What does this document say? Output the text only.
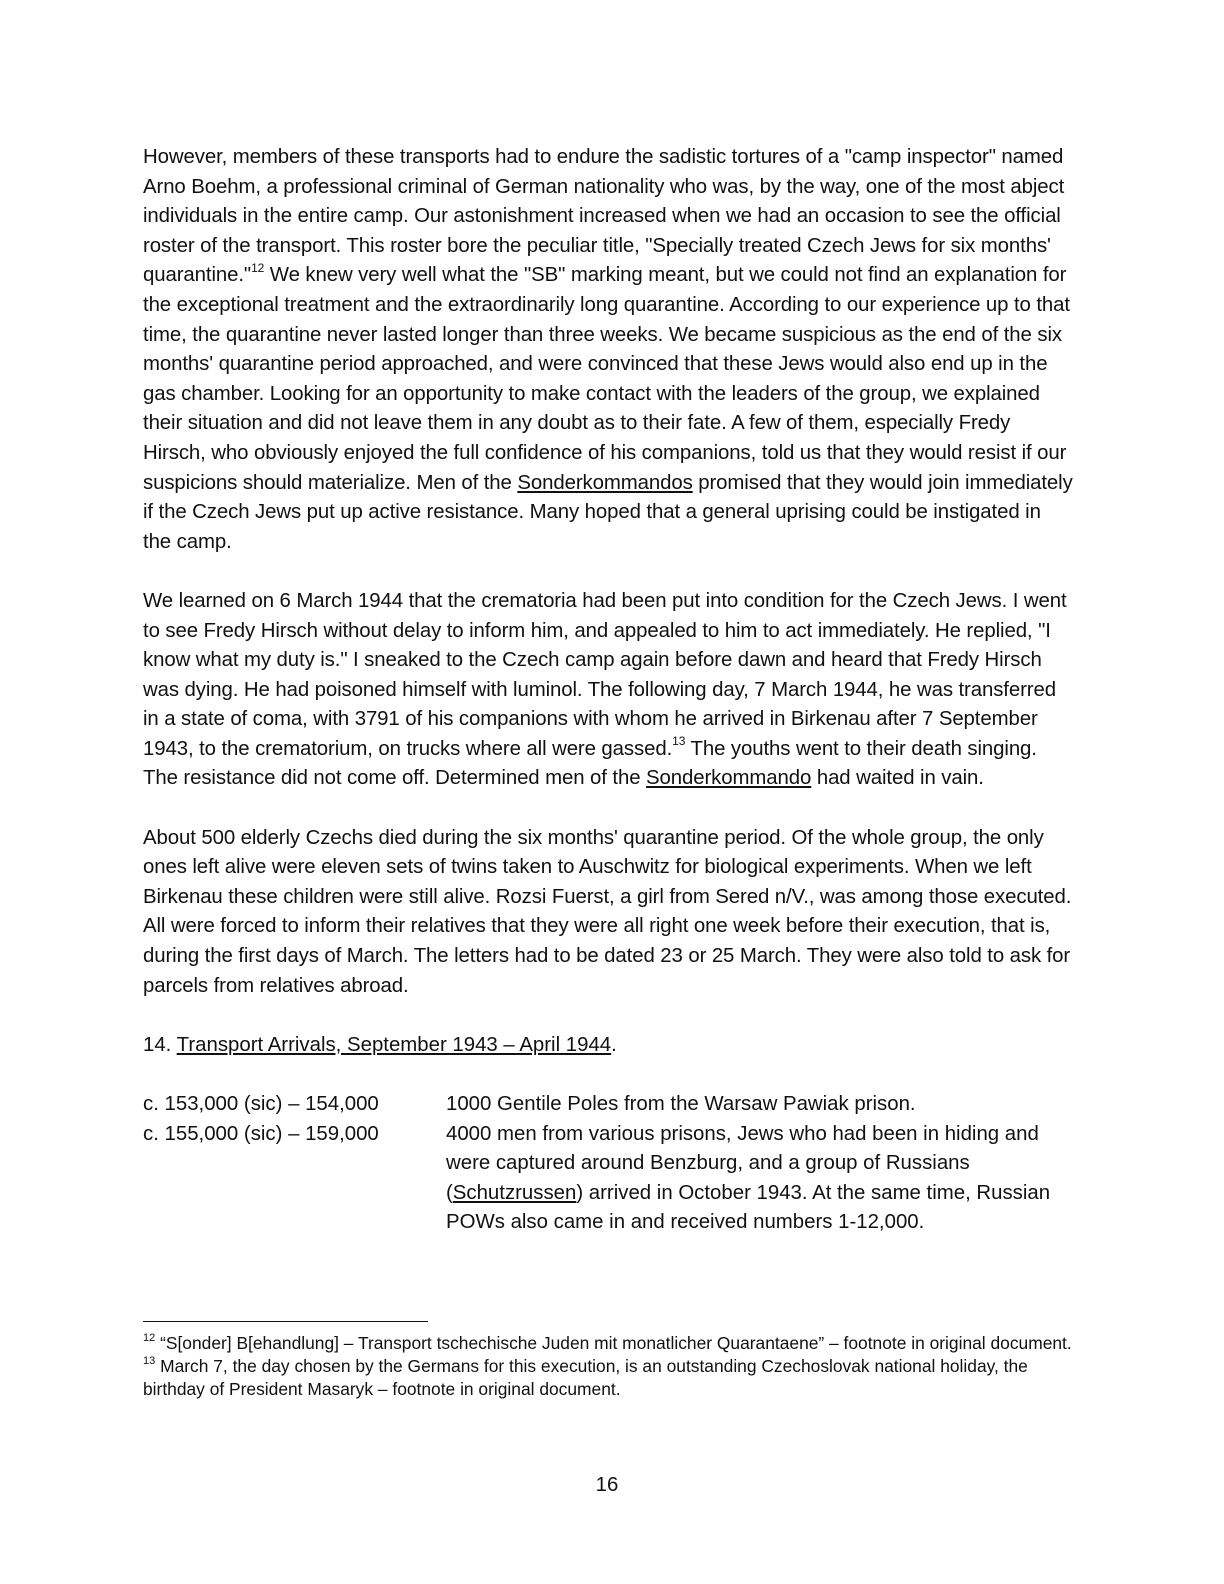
However, members of these transports had to endure the sadistic tortures of a "camp inspector" named Arno Boehm, a professional criminal of German nationality who was, by the way, one of the most abject individuals in the entire camp. Our astonishment increased when we had an occasion to see the official roster of the transport. This roster bore the peculiar title, "Specially treated Czech Jews for six months' quarantine."$^{12}$ We knew very well what the "SB" marking meant, but we could not find an explanation for the exceptional treatment and the extraordinarily long quarantine. According to our experience up to that time, the quarantine never lasted longer than three weeks. We became suspicious as the end of the six months' quarantine period approached, and were convinced that these Jews would also end up in the gas chamber. Looking for an opportunity to make contact with the leaders of the group, we explained their situation and did not leave them in any doubt as to their fate. A few of them, especially Fredy Hirsch, who obviously enjoyed the full confidence of his companions, told us that they would resist if our suspicions should materialize. Men of the Sonderkommandos promised that they would join immediately if the Czech Jews put up active resistance. Many hoped that a general uprising could be instigated in the camp.

We learned on 6 March 1944 that the crematoria had been put into condition for the Czech Jews. I went to see Fredy Hirsch without delay to inform him, and appealed to him to act immediately. He replied, "I know what my duty is." I sneaked to the Czech camp again before dawn and heard that Fredy Hirsch was dying. He had poisoned himself with luminol. The following day, 7 March 1944, he was transferred in a state of coma, with 3791 of his companions with whom he arrived in Birkenau after 7 September 1943, to the crematorium, on trucks where all were gassed.$^{13}$ The youths went to their death singing. The resistance did not come off. Determined men of the Sonderkommando had waited in vain.

About 500 elderly Czechs died during the six months' quarantine period. Of the whole group, the only ones left alive were eleven sets of twins taken to Auschwitz for biological experiments. When we left Birkenau these children were still alive. Rozsi Fuerst, a girl from Sered n/V., was among those executed. All were forced to inform their relatives that they were all right one week before their execution, that is, during the first days of March. The letters had to be dated 23 or 25 March. They were also told to ask for parcels from relatives abroad.

14. Transport Arrivals, September 1943 – April 1944.

c. 153,000 (sic) – 154,000	1000 Gentile Poles from the Warsaw Pawiak prison.
c. 155,000 (sic) – 159,000	4000 men from various prisons, Jews who had been in hiding and were captured around Benzburg, and a group of Russians (Schutzrussen) arrived in October 1943. At the same time, Russian POWs also came in and received numbers 1-12,000.

$^{12}$ “S[onder] B[ehandlung] – Transport tschechische Juden mit monatlicher Quarantaene” – footnote in original document.

$^{13}$ March 7, the day chosen by the Germans for this execution, is an outstanding Czechoslovak national holiday, the birthday of President Masaryk – footnote in original document.

16
